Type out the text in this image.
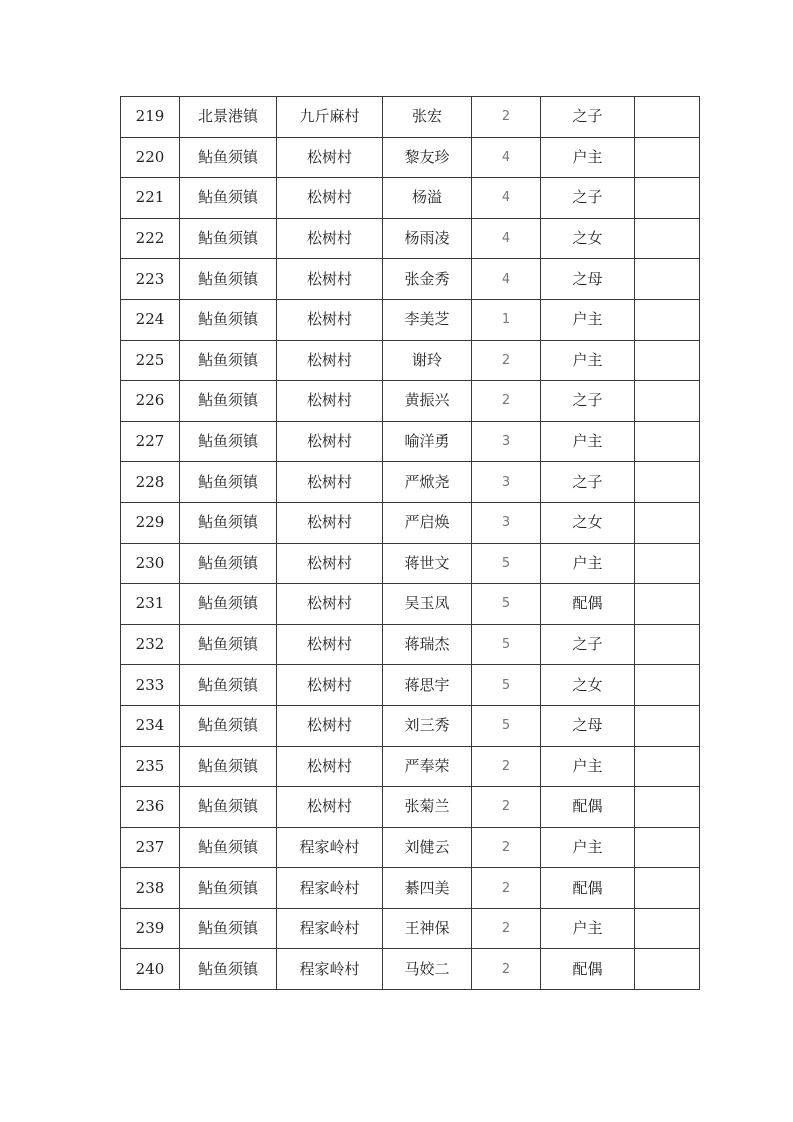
219	北景港镇	九斤麻村	张宏	2	之子	
220	鲇鱼须镇	松树村	黎友珍	4	户主	
221	鲇鱼须镇	松树村	杨溢	4	之子	
222	鲇鱼须镇	松树村	杨雨凌	4	之女	
223	鲇鱼须镇	松树村	张金秀	4	之母	
224	鲇鱼须镇	松树村	李美芝	1	户主	
225	鲇鱼须镇	松树村	谢玲	2	户主	
226	鲇鱼须镇	松树村	黄振兴	2	之子	
227	鲇鱼须镇	松树村	喻洋勇	3	户主	
228	鲇鱼须镇	松树村	严焮尧	3	之子	
229	鲇鱼须镇	松树村	严启焕	3	之女	
230	鲇鱼须镇	松树村	蒋世文	5	户主	
231	鲇鱼须镇	松树村	吴玉凤	5	配偶	
232	鲇鱼须镇	松树村	蒋瑞杰	5	之子	
233	鲇鱼须镇	松树村	蒋思宇	5	之女	
234	鲇鱼须镇	松树村	刘三秀	5	之母	
235	鲇鱼须镇	松树村	严奉荣	2	户主	
236	鲇鱼须镇	松树村	张菊兰	2	配偶	
237	鲇鱼须镇	程家岭村	刘健云	2	户主	
238	鲇鱼须镇	程家岭村	綦四美	2	配偶	
239	鲇鱼须镇	程家岭村	王神保	2	户主	
240	鲇鱼须镇	程家岭村	马姣二	2	配偶	
